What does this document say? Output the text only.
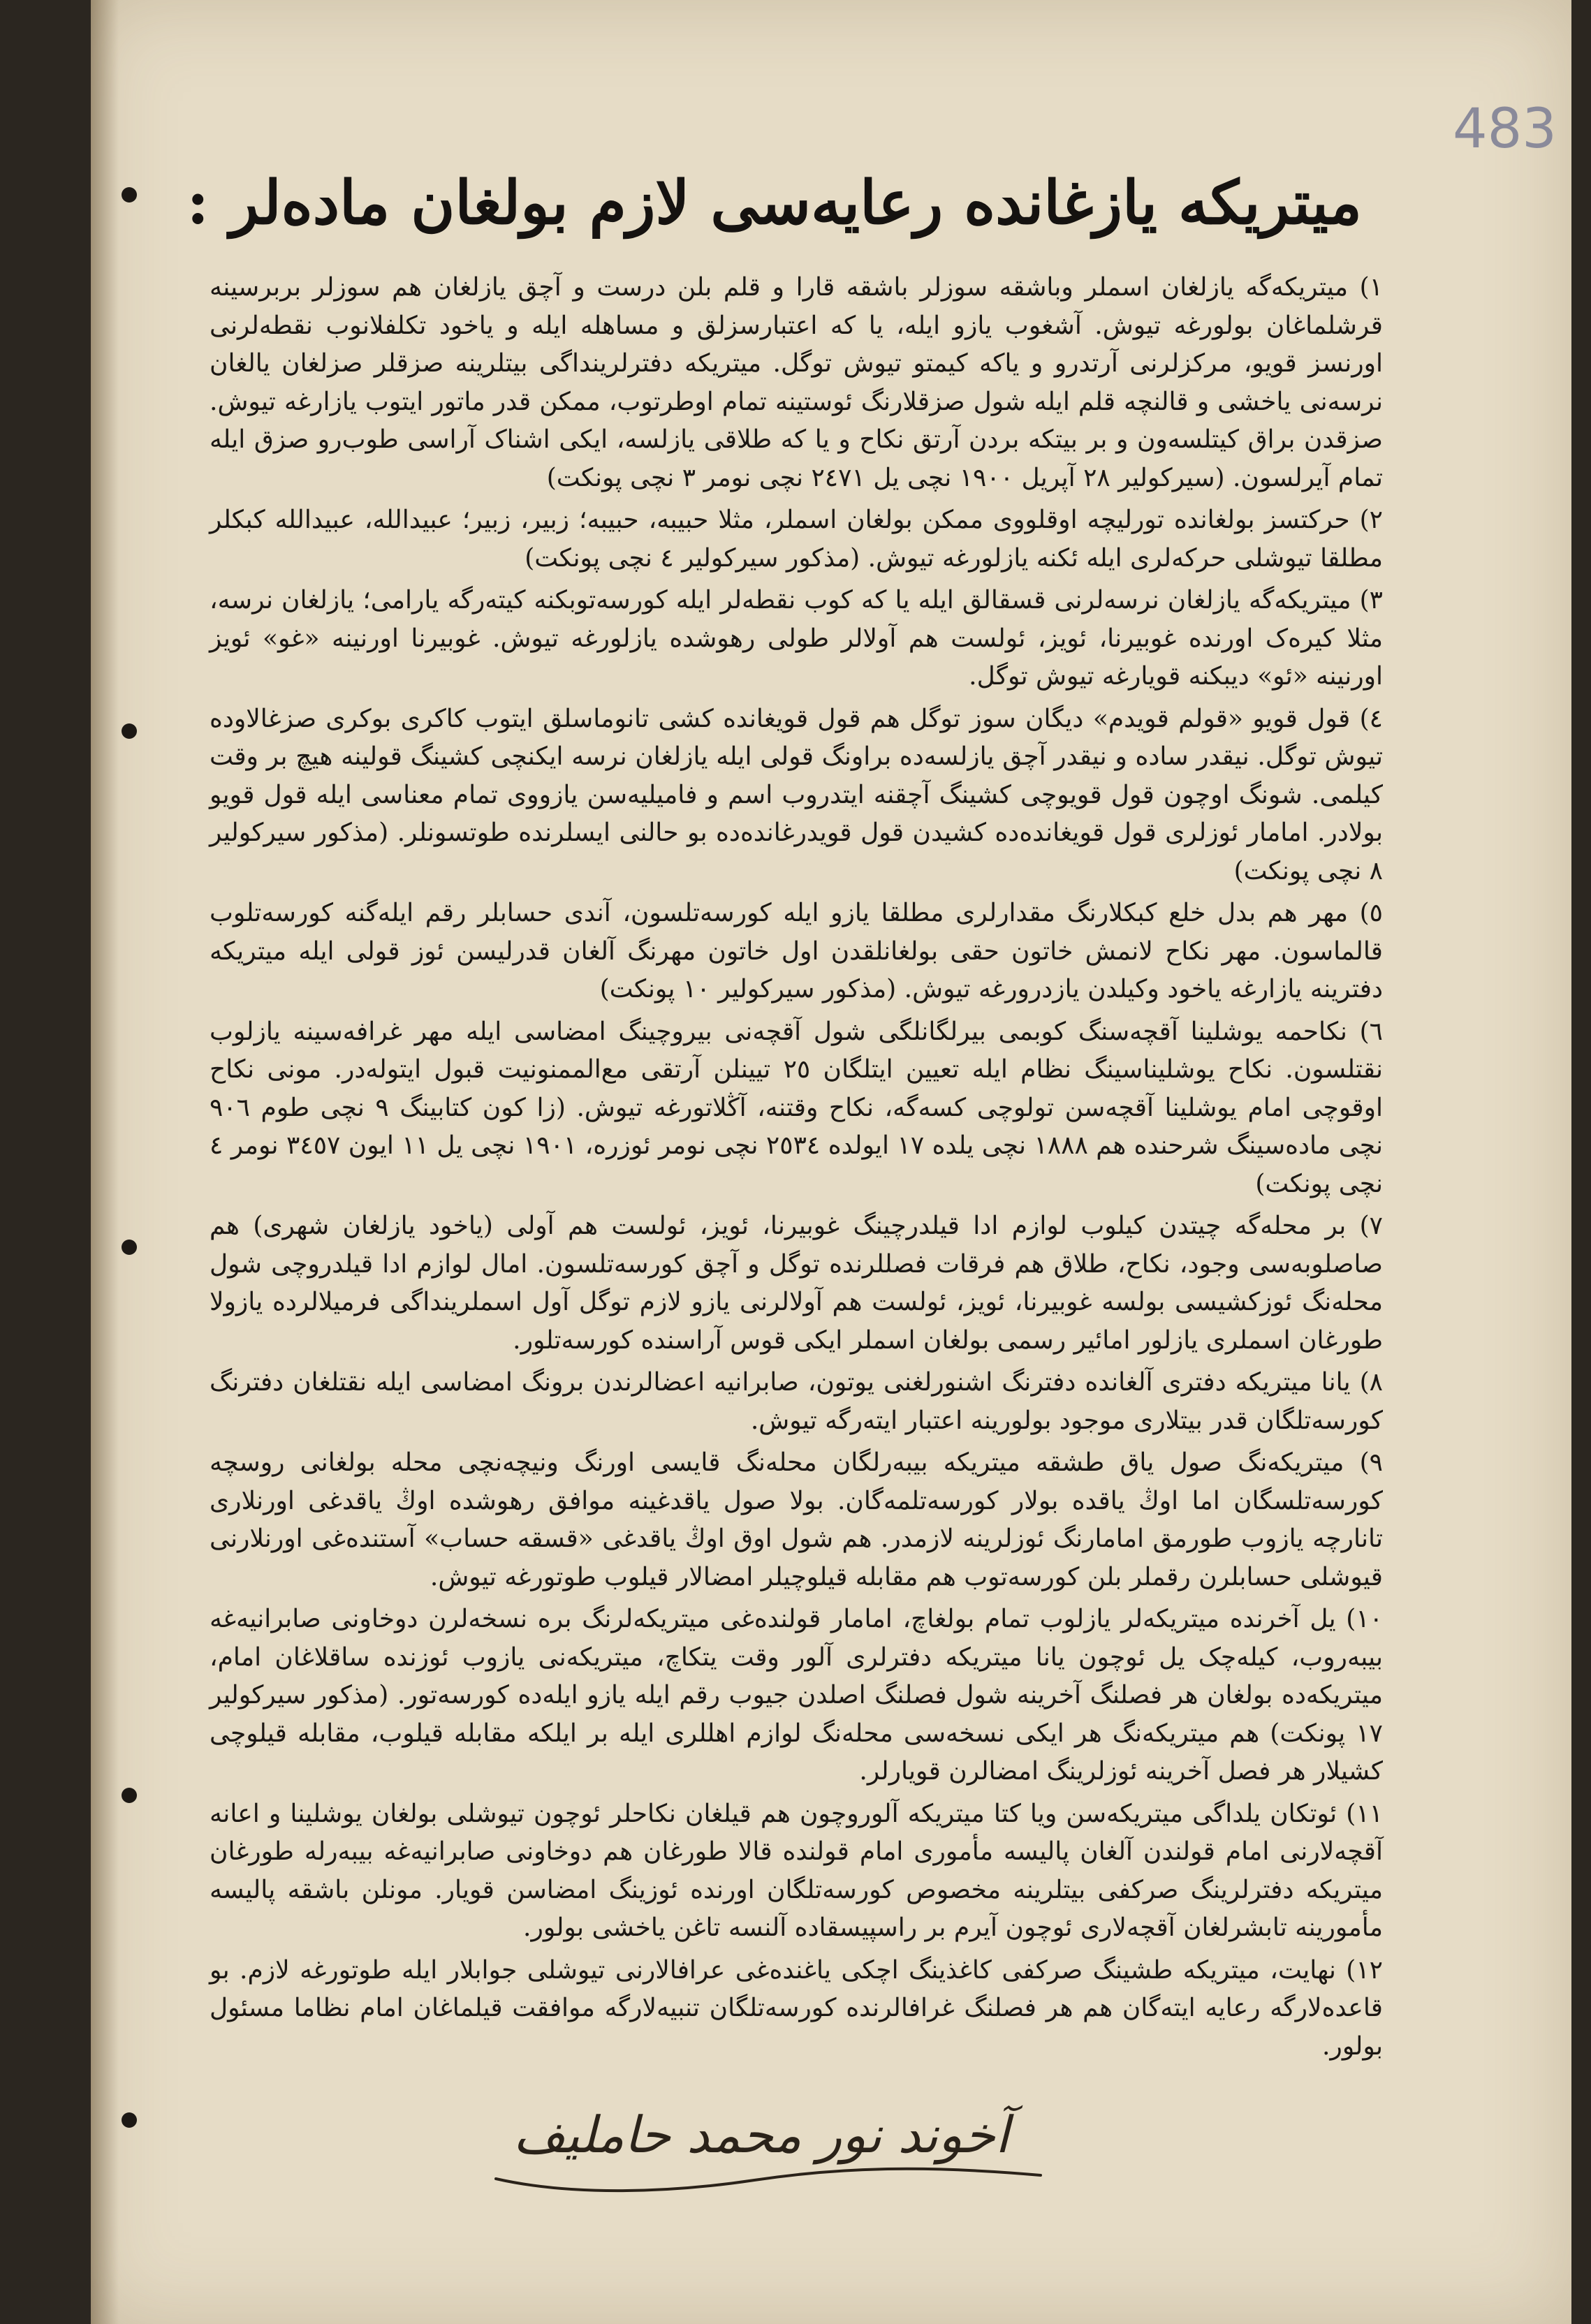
483
میتریکه یازغانده رعایه‌سی لازم بولغان ماده‌لر :

١) میتریکه‌گه یازلغان اسملر وباشقه سوزلر باشقه قارا و قلم بلن درست و آچق یازلغان هم سوزلر بربرسینه قرشلماغان بولورغه تیوش. آشغوب یازو ایله، یا که اعتبارسزلق و مساهله ایله و یاخود تکلفلانوب نقطه‌لرنی اورنسز قویو، مرکزلرنی آرتدرو و یاکه کیمتو تیوش توگل. میتریکه دفترلرینداگی بیتلرینه صزقلر صزلغان یالغان نرسه‌نی یاخشی و قالنچه قلم ایله شول صزقلارنگ ئوستینه تمام اوطرتوب، ممکن قدر ماتور ایتوب یازارغه تیوش. صزقدن براق کیتلسه‌ون و بر بیتکه بردن آرتق نکاح و یا که طلاقی یازلسه، ایکی اشناک آراسی طوب‌رو صزق ایله تمام آیرلسون. (سیرکولیر ٢٨ آپریل ١٩٠٠ نچی یل ٢٤٧١ نچی نومر ٣ نچی پونکت)

٢) حرکتسز بولغانده تورلیچه اوقلووی ممکن بولغان اسملر، مثلا حبیبه، حبیبه؛ زبیر، زبیر؛ عبیدالله، عبیدالله کبکلر مطلقا تیوشلی حرکه‌لری ایله ئکنه یازلورغه تیوش. (مذکور سیرکولیر ٤ نچی پونکت)

٣) میتریکه‌گه یازلغان نرسه‌لرنی قسقالق ایله یا که کوب نقطه‌لر ایله کورسه‌توبکنه کیته‌رگه یارامی؛ یازلغان نرسه، مثلا کیره‌ک اورنده غوبیرنا، ئویز، ئولست هم آولالر طولی رهوشده یازلورغه تیوش. غوبیرنا اورنینه «غو» ئویز اورنینه «ئو» دیبکنه قویارغه تیوش توگل.

٤) قول قویو «قولم قویدم» دیگان سوز توگل هم قول قویغانده کشی تانوماسلق ایتوب کاکری بوکری صزغالاوده تیوش توگل. نیقدر ساده و نیقدر آچق یازلسه‌ده براونگ قولی ایله یازلغان نرسه ایکنچی کشینگ قولینه هیچ بر وقت کیلمی. شونگ اوچون قول قویوچی کشینگ آچقنه ایتدروب اسم و فامیلیه‌سن یازووی تمام معناسی ایله قول قویو بولادر. امامار ئوزلری قول قویغانده‌ده کشیدن قول قویدرغانده‌ده بو حالنی ایسلرنده طوتسونلر. (مذکور سیرکولیر ٨ نچی پونکت)

٥) مهر هم بدل خلع کبکلارنگ مقدارلری مطلقا یازو ایله کورسه‌تلسون، آندی حسابلر رقم ایله‌گنه کورسه‌تلوب قالماسون. مهر نکاح لانمش خاتون حقی بولغانلقدن اول خاتون مهرنگ آلغان قدرلیسن ئوز قولی ایله میتریکه دفترینه یازارغه یاخود وکیلدن یازدرورغه تیوش. (مذکور سیرکولیر ١٠ پونکت)

٦) نکاحمه یوشلینا آقچه‌سنگ کوبمی بیرلگانلگی شول آقچه‌نی بیروچینگ امضاسی ایله مهر غرافه‌سینه یازلوب نقتلسون. نکاح یوشلیناسینگ نظام ایله تعیین ایتلگان ٢٥ تیینلن آرتقی مع‌الممنونیت قبول ایتوله‌در. مونی نکاح اوقوچی امام یوشلینا آقچه‌سن تولوچی کسه‌گه، نکاح وقتنه، آڭلاتورغه تیوش. (زا کون کتابینگ ٩ نچی طوم ٩٠٦ نچی ماده‌سینگ شرحنده هم ١٨٨٨ نچی یلده ١٧ ایولده ٢٥٣٤ نچی نومر ئوزره، ١٩٠١ نچی یل ١١ ایون ٣٤٥٧ نومر ٤ نچی پونکت)

٧) بر محله‌گه چیتدن کیلوب لوازم ادا قیلدرچینگ غوبیرنا، ئویز، ئولست هم آولی (یاخود یازلغان شهری) هم صاصلوبه‌سی وجود، نکاح، طلاق هم فرقات فصللرنده توگل و آچق کورسه‌تلسون. امال لوازم ادا قیلدروچی شول محله‌نگ ئوزکشیسی بولسه غوبیرنا، ئویز، ئولست هم آولالرنی یازو لازم توگل آول اسملرینداگی فرمیلالرده یازولا طورغان اسملری یازلور امائیر رسمی بولغان اسملر ایکی قوس آراسنده کورسه‌تلور.

٨) یانا میتریکه دفتری آلغانده دفترنگ اشنورلغنی یوتون، صابرانیه اعضالرندن برونگ امضاسی ایله نقتلغان دفترنگ کورسه‌تلگان قدر بیتلاری موجود بولورینه اعتبار ایته‌رگه تیوش.

٩) میتریکه‌نگ صول یاق طشقه میتریکه بیبه‌رلگان محله‌نگ قایسی اورنگ ونیچه‌نچی محله بولغانی روسچه کورسه‌تلسگان اما اوڭ یاقده بولار کورسه‌تلمه‌گان. بولا صول یاقدغینه موافق رهوشده اوڭ یاقدغی اورنلاری تانارچه یازوب طورمق امامارنگ ئوزلرینه لازمدر. هم شول اوق اوڭ یاقدغی «قسقه حساب» آستنده‌غی اورنلارنی قیوشلی حسابلرن رقملر بلن کورسه‌توب هم مقابله قیلوچیلر امضالار قیلوب طوتورغه تیوش.

١٠) یل آخرنده میتریکه‌لر یازلوب تمام بولغاچ، امامار قولنده‌غی میتریکه‌لرنگ بره نسخه‌لرن دوخاونی صابرانیه‌غه بیبه‌روب، کیله‌چک یل ئوچون یانا میتریکه دفترلری آلور وقت یتکاچ، میتریکه‌نی یازوب ئوزنده ساقلاغان امام، میتریکه‌ده بولغان هر فصلنگ آخرینه شول فصلنگ اصلدن جیوب رقم ایله یازو ایله‌ده کورسه‌تور. (مذکور سیرکولیر ١٧ پونکت) هم میتریکه‌نگ هر ایکی نسخه‌سی محله‌نگ لوازم اهللری ایله بر ایلکه مقابله قیلوب، مقابله قیلوچی کشیلار هر فصل آخرینه ئوزلرینگ امضالرن قویارلر.

١١) ئوتکان یلداگی میتریکه‌سن ویا کتا میتریکه آلوروچون هم قیلغان نکاحلر ئوچون تیوشلی بولغان یوشلینا و اعانه آقچه‌لارنی امام قولندن آلغان پالیسه مأموری امام قولنده قالا طورغان هم دوخاونی صابرانیه‌غه بیبه‌رله طورغان میتریکه دفترلرینگ صرکفی بیتلرینه مخصوص کورسه‌تلگان اورنده ئوزینگ امضاسن قویار. مونلن باشقه پالیسه مأمورینه تابشرلغان آقچه‌لاری ئوچون آیرم بر راسپیسقاده آلنسه تاغن یاخشی بولور.

١٢) نهایت، میتریکه طشینگ صرکفی کاغذینگ اچکی یاغنده‌غی عرافالارنی تیوشلی جوابلار ایله طوتورغه لازم. بو قاعده‌لارگه رعایه ایته‌گان هم هر فصلنگ غرافالرنده کورسه‌تلگان تنبیه‌لارگه موافقت قیلماغان امام نظاما مسئول بولور.

آخوند نور محمد حاملیف
